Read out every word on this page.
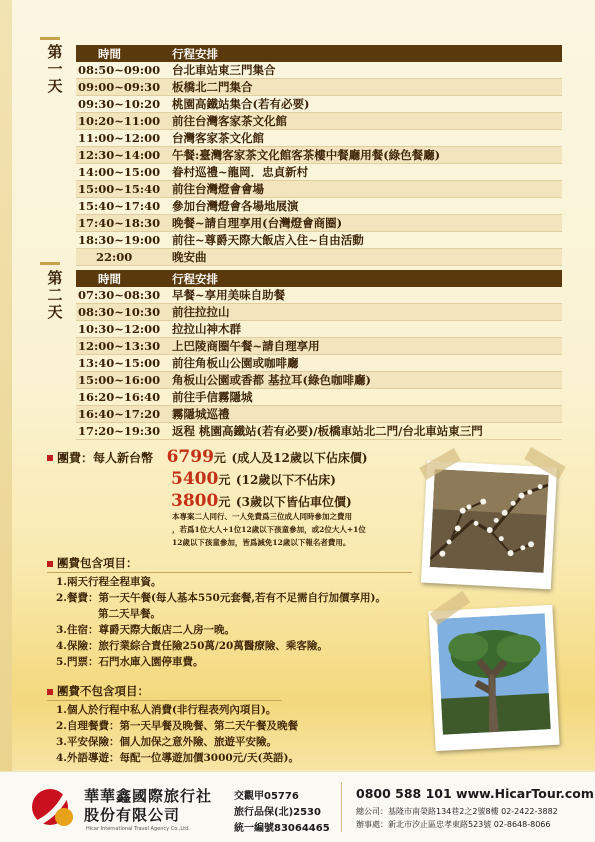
第
一
天
時間	行程安排
08:50~09:00	台北車站東三門集合
09:00~09:30	板橋北二門集合
09:30~10:20	桃園高鐵站集合(若有必要)
10:20~11:00	前往台灣客家茶文化館
11:00~12:00	台灣客家茶文化館
12:30~14:00	午餐:臺灣客家茶文化館客茶樓中餐廳用餐(綠色餐廳)
14:00~15:00	眷村巡禮~龍岡．忠貞新村
15:00~15:40	前往台灣燈會會場
15:40~17:40	參加台灣燈會各場地展演
17:40~18:30	晚餐~請自理享用(台灣燈會商圈)
18:30~19:00	前往~尊爵天際大飯店入住~自由活動
22:00	晚安曲
第
二
天
時間	行程安排
07:30~08:30	早餐~享用美味自助餐
08:30~10:30	前往拉拉山
10:30~12:00	拉拉山神木群
12:00~13:30	上巴陵商圈午餐~請自理享用
13:40~15:00	前往角板山公園或咖啡廳
15:00~16:00	角板山公園或香都 基拉耳(綠色咖啡廳)
16:20~16:40	前往手信霧隱城
16:40~17:20	霧隱城巡禮
17:20~19:30	返程 桃園高鐵站(若有必要)/板橋車站北二門/台北車站東三門
團費：每人新台幣 6799元 (成人及12歲以下佔床價)
5400元 (12歲以下不佔床)
3800元 (3歲以下皆佔車位價)
本專案二人同行、一人免費爲三位成人同時參加之費用
，若爲1位大人+1位12歲以下孩童參加，或2位大人+1位
12歲以下孩童參加，皆爲減免12歲以下報名者費用。
團費包含項目：
1.兩天行程全程車資。
2.餐費：第一天午餐(每人基本550元套餐,若有不足需自行加價享用)。
　　　　第二天早餐。
3.住宿：尊爵天際大飯店二人房一晚。
4.保險：旅行業綜合責任險250萬/20萬醫療險、乘客險。
5.門票：石門水庫入園停車費。
團費不包含項目：
1.個人於行程中私人消費(非行程表列內項目)。
2.自理餐費：第一天早餐及晚餐、第二天午餐及晚餐
3.平安保險：個人加保之意外險、旅遊平安險。
4.外語導遊：每配一位導遊加價3000元/天(英語)。
華華鑫國際旅行社
股份有限公司
Hicar International Travel Agency Co.,Ltd.
交觀甲05776
旅行品保(北)2530
統一編號83064465
0800 588 101 www.HicarTour.com
總公司：基隆市南榮路134巷2之2號8樓 02-2422-3882
辦事處：新北市汐止區忠孝東路523號 02-8648-8066
